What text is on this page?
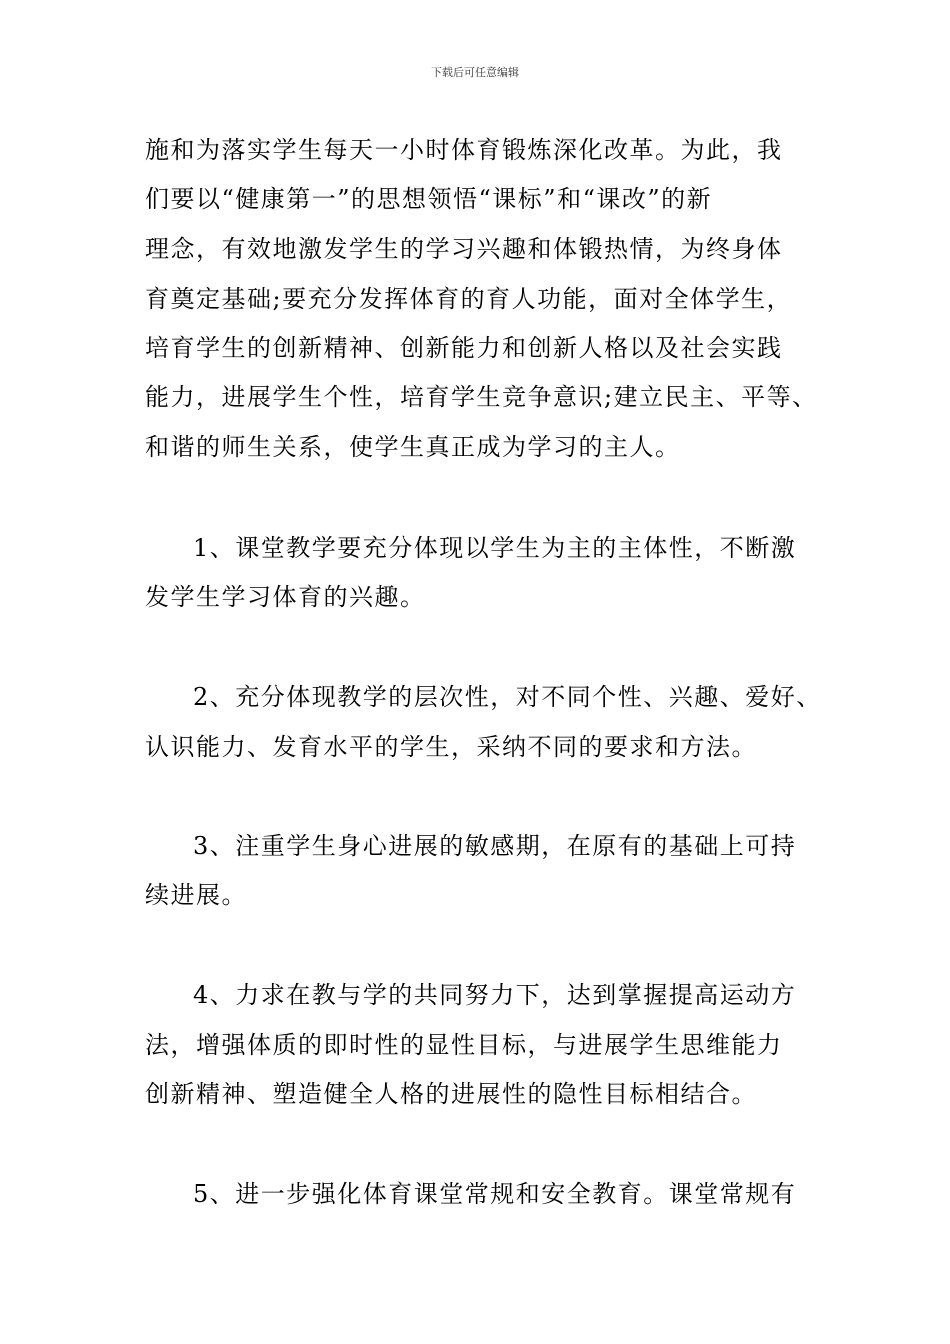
下载后可任意编辑
施和为落实学生每天一小时体育锻炼深化改革。为此，我
们要以“健康第一”的思想领悟“课标”和“课改”的新
理念，有效地激发学生的学习兴趣和体锻热情，为终身体
育奠定基础;要充分发挥体育的育人功能，面对全体学生，
培育学生的创新精神、创新能力和创新人格以及社会实践
能力，进展学生个性，培育学生竞争意识;建立民主、平等、
和谐的师生关系，使学生真正成为学习的主人。
1、课堂教学要充分体现以学生为主的主体性，不断激
发学生学习体育的兴趣。
2、充分体现教学的层次性，对不同个性、兴趣、爱好、
认识能力、发育水平的学生，采纳不同的要求和方法。
3、注重学生身心进展的敏感期，在原有的基础上可持
续进展。
4、力求在教与学的共同努力下，达到掌握提高运动方
法，增强体质的即时性的显性目标，与进展学生思维能力
创新精神、塑造健全人格的进展性的隐性目标相结合。
5、进一步强化体育课堂常规和安全教育。课堂常规有
